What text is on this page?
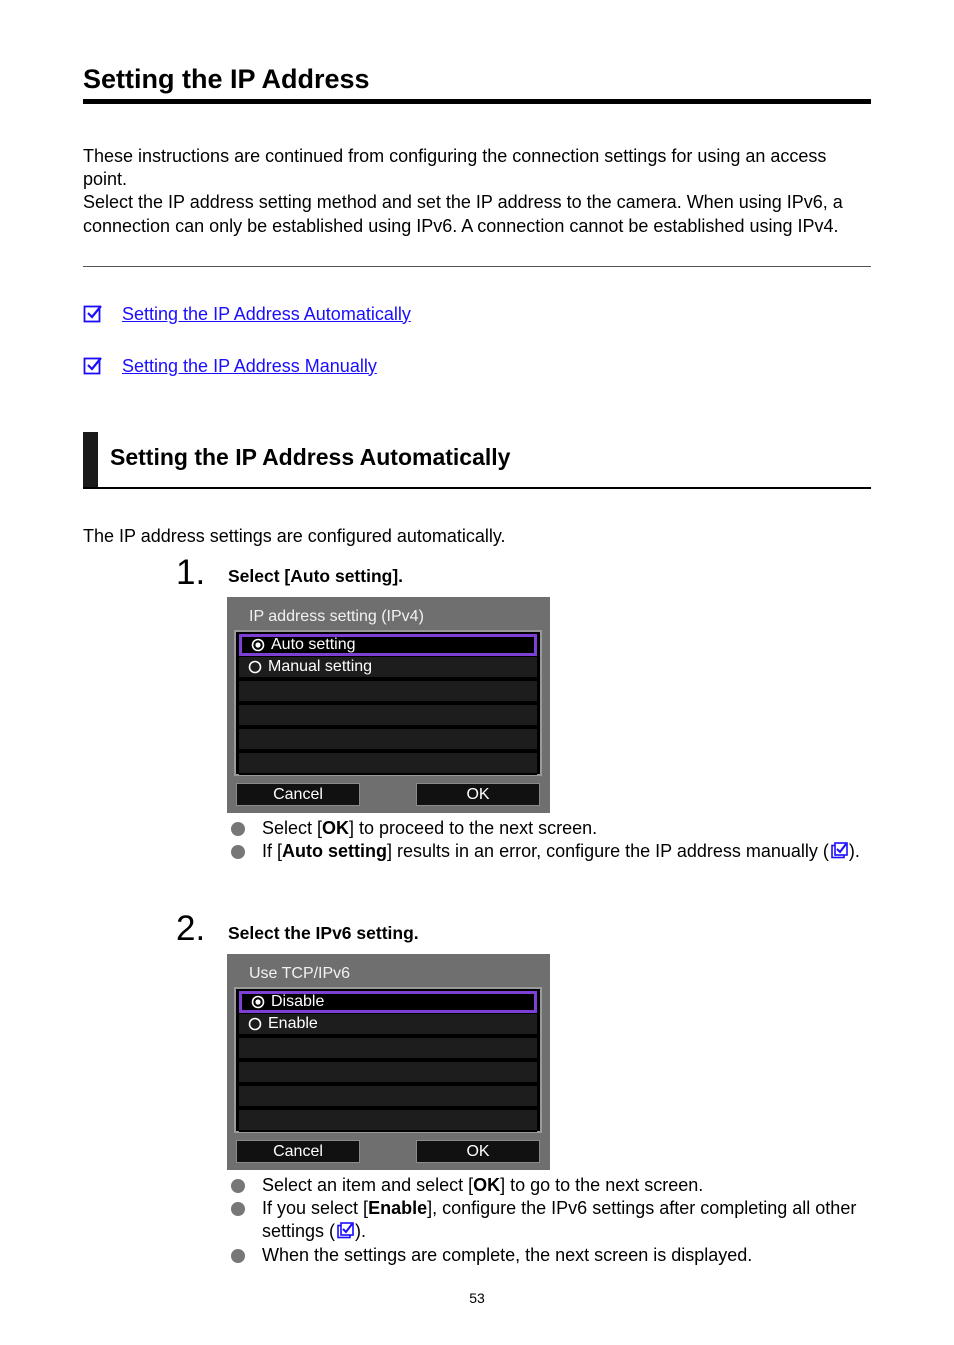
Setting the IP Address

These instructions are continued from configuring the connection settings for using an access point.

Select the IP address setting method and set the IP address to the camera. When using IPv6, a connection can only be established using IPv6. A connection cannot be established using IPv4.

Setting the IP Address Automatically
Setting the IP Address Manually
Setting the IP Address Automatically

The IP address settings are configured automatically.

1. Select [Auto setting].
IP address setting (IPv4)
Auto setting
Manual setting
Cancel	OK
Select [OK] to proceed to the next screen.
If [Auto setting] results in an error, configure the IP address manually ( ).
2. Select the IPv6 setting.
Use TCP/IPv6
Disable
Enable
Cancel	OK
Select an item and select [OK] to go to the next screen.
If you select [Enable], configure the IPv6 settings after completing all other settings ( ).
When the settings are complete, the next screen is displayed.
53
